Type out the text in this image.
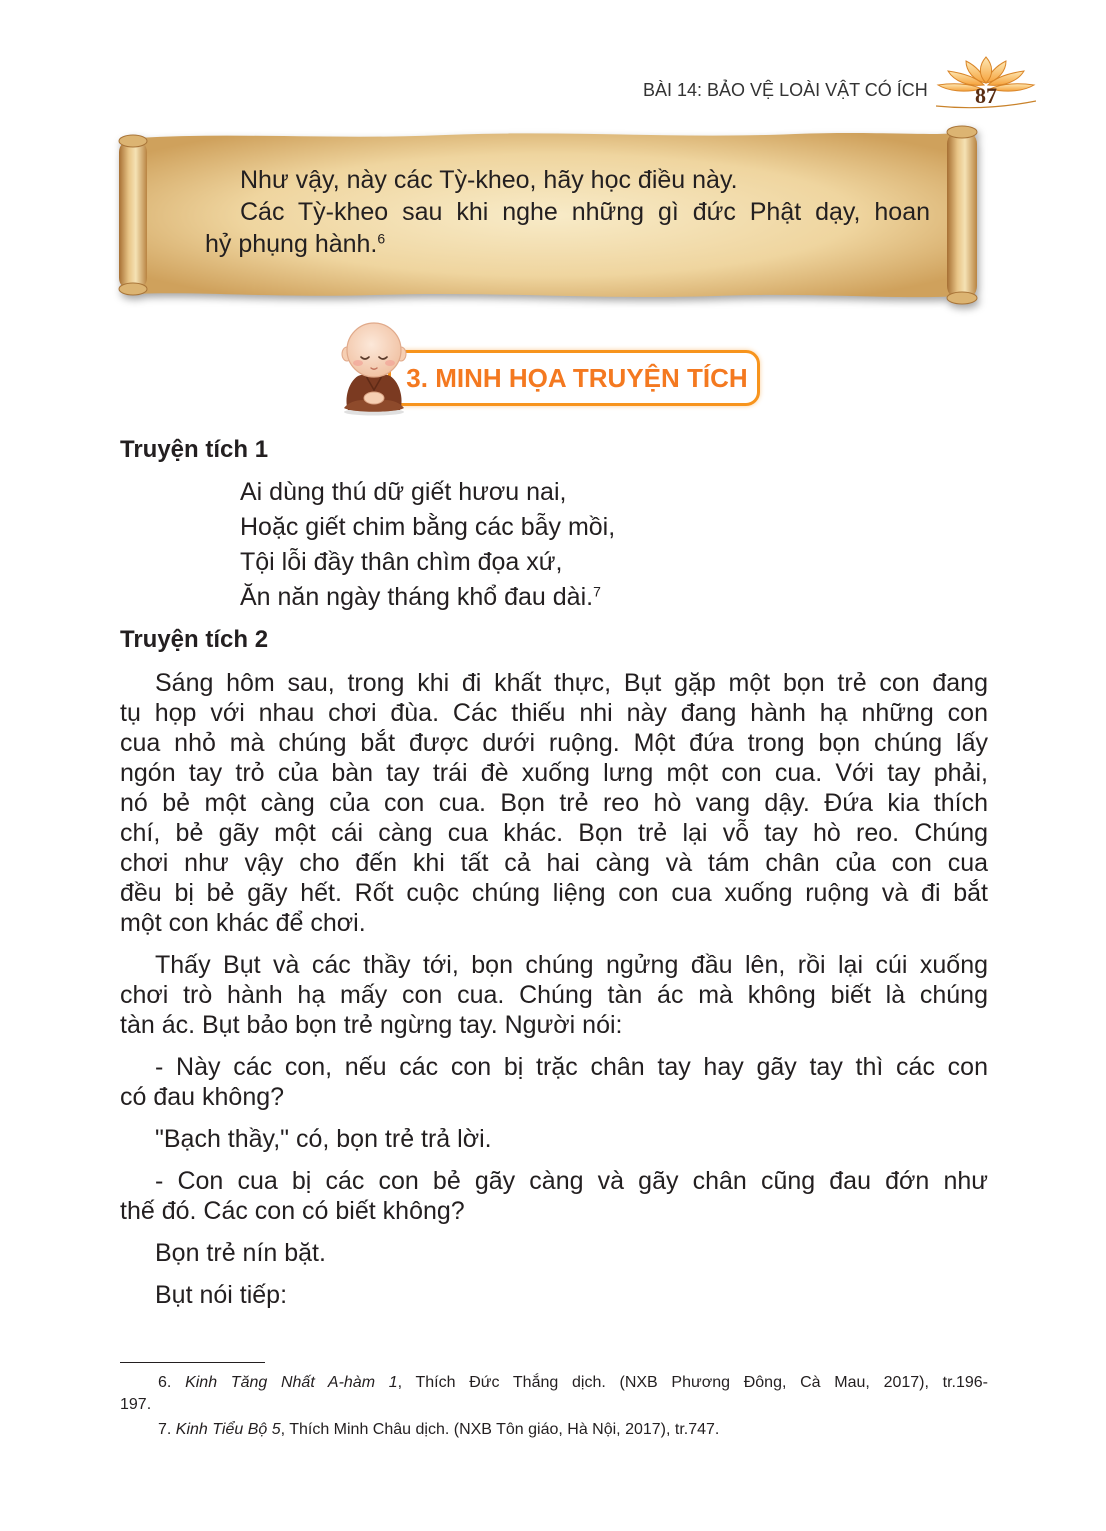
BÀI 14: BẢO VỆ LOÀI VẬT CÓ ÍCH 87
Như vậy, này các Tỳ-kheo, hãy học điều này.
Các Tỳ-kheo sau khi nghe những gì đức Phật dạy, hoan
hỷ phụng hành.$^6$
3. MINH HỌA TRUYỆN TÍCH
Truyện tích 1
Ai dùng thú dữ giết hươu nai,
Hoặc giết chim bằng các bẫy mồi,
Tội lỗi đầy thân chìm đọa xứ,
Ăn năn ngày tháng khổ đau dài.$^7$
Truyện tích 2
Sáng hôm sau, trong khi đi khất thực, Bụt gặp một bọn trẻ con đang
tụ họp với nhau chơi đùa. Các thiếu nhi này đang hành hạ những con
cua nhỏ mà chúng bắt được dưới ruộng. Một đứa trong bọn chúng lấy
ngón tay trỏ của bàn tay trái đè xuống lưng một con cua. Với tay phải,
nó bẻ một càng của con cua. Bọn trẻ reo hò vang dậy. Đứa kia thích
chí, bẻ gãy một cái càng cua khác. Bọn trẻ lại vỗ tay hò reo. Chúng
chơi như vậy cho đến khi tất cả hai càng và tám chân của con cua
đều bị bẻ gãy hết. Rốt cuộc chúng liệng con cua xuống ruộng và đi bắt
một con khác để chơi.
Thấy Bụt và các thầy tới, bọn chúng ngửng đầu lên, rồi lại cúi xuống
chơi trò hành hạ mấy con cua. Chúng tàn ác mà không biết là chúng
tàn ác. Bụt bảo bọn trẻ ngừng tay. Người nói:
- Này các con, nếu các con bị trặc chân tay hay gãy tay thì các con
có đau không?
"Bạch thầy," có, bọn trẻ trả lời.
- Con cua bị các con bẻ gãy càng và gãy chân cũng đau đớn như
thế đó. Các con có biết không?
Bọn trẻ nín bặt.
Bụt nói tiếp:
6. Kinh Tăng Nhất A-hàm 1, Thích Đức Thắng dịch. (NXB Phương Đông, Cà Mau, 2017), tr.196-
197.
7. Kinh Tiểu Bộ 5, Thích Minh Châu dịch. (NXB Tôn giáo, Hà Nội, 2017), tr.747.
